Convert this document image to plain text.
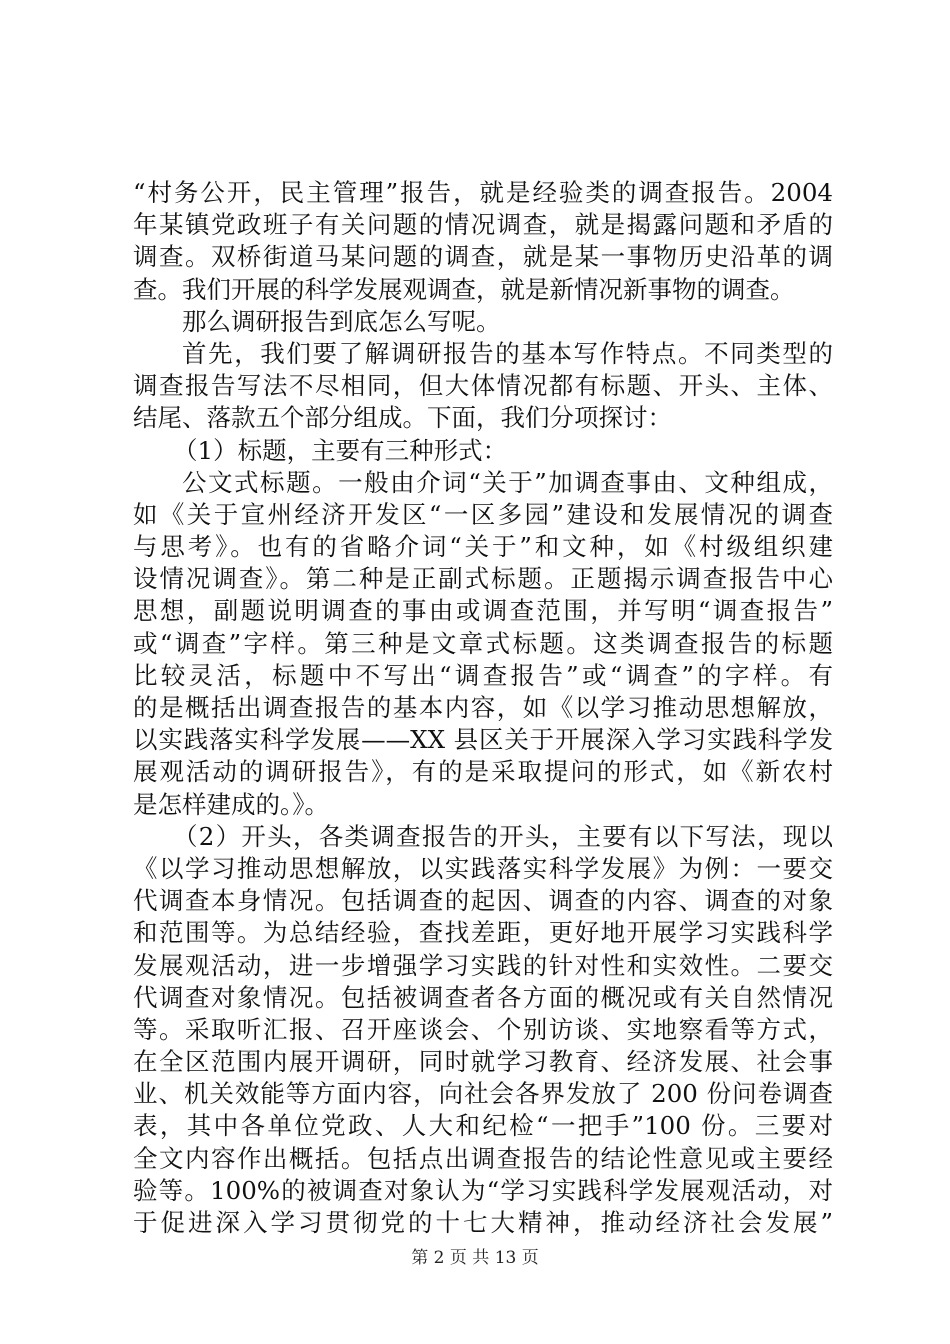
“村务公开，民主管理”报告，就是经验类的调查报告。2004
年某镇党政班子有关问题的情况调查，就是揭露问题和矛盾的
调查。双桥街道马某问题的调查，就是某一事物历史沿革的调
查。我们开展的科学发展观调查，就是新情况新事物的调查。
那么调研报告到底怎么写呢。
首先，我们要了解调研报告的基本写作特点。不同类型的
调查报告写法不尽相同，但大体情况都有标题、开头、主体、
结尾、落款五个部分组成。下面，我们分项探讨：
（1）标题，主要有三种形式：
公文式标题。一般由介词“关于”加调查事由、文种组成，
如《关于宣州经济开发区“一区多园”建设和发展情况的调查
与思考》。也有的省略介词“关于”和文种，如《村级组织建
设情况调查》。第二种是正副式标题。正题揭示调查报告中心
思想，副题说明调查的事由或调查范围，并写明“调查报告”
或“调查”字样。第三种是文章式标题。这类调查报告的标题
比较灵活，标题中不写出“调查报告”或“调查”的字样。有
的是概括出调查报告的基本内容，如《以学习推动思想解放，
以实践落实科学发展——XX 县区关于开展深入学习实践科学发
展观活动的调研报告》，有的是采取提问的形式，如《新农村
是怎样建成的。》。
（2）开头，各类调查报告的开头，主要有以下写法，现以
《以学习推动思想解放，以实践落实科学发展》为例：一要交
代调查本身情况。包括调查的起因、调查的内容、调查的对象
和范围等。为总结经验，查找差距，更好地开展学习实践科学
发展观活动，进一步增强学习实践的针对性和实效性。二要交
代调查对象情况。包括被调查者各方面的概况或有关自然情况
等。采取听汇报、召开座谈会、个别访谈、实地察看等方式，
在全区范围内展开调研，同时就学习教育、经济发展、社会事
业、机关效能等方面内容，向社会各界发放了 200 份问卷调查
表，其中各单位党政、人大和纪检“一把手”100 份。三要对
全文内容作出概括。包括点出调查报告的结论性意见或主要经
验等。100%的被调查对象认为“学习实践科学发展观活动，对
于促进深入学习贯彻党的十七大精神，推动经济社会发展”
第 2 页 共 13 页
